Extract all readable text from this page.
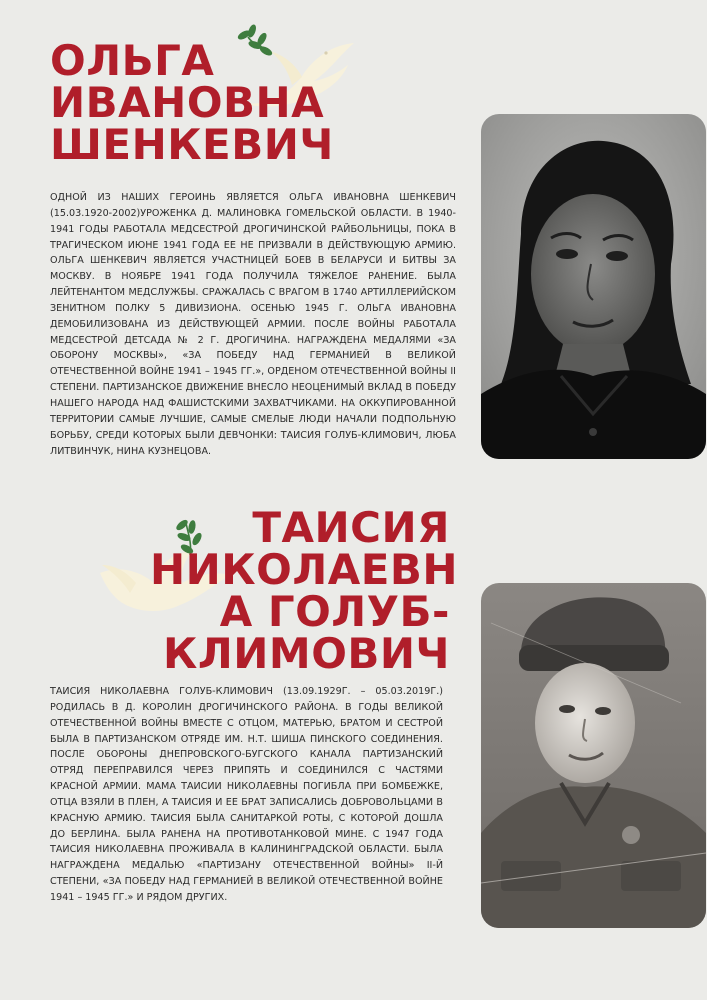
ОЛЬГА
ИВАНОВНА
ШЕНКЕВИЧ

ОДНОЙ ИЗ НАШИХ ГЕРОИНЬ ЯВЛЯЕТСЯ ОЛЬГА ИВАНОВНА ШЕНКЕВИЧ (15.03.1920-2002)УРОЖЕНКА Д. МАЛИНОВКА ГОМЕЛЬСКОЙ ОБЛАСТИ. В 1940-1941 ГОДЫ РАБОТАЛА МЕДСЕСТРОЙ ДРОГИЧИНСКОЙ РАЙБОЛЬНИЦЫ, ПОКА В ТРАГИЧЕСКОМ ИЮНЕ 1941 ГОДА ЕЕ НЕ ПРИЗВАЛИ В ДЕЙСТВУЮЩУЮ АРМИЮ. ОЛЬГА ШЕНКЕВИЧ ЯВЛЯЕТСЯ УЧАСТНИЦЕЙ БОЕВ В БЕЛАРУСИ И БИТВЫ ЗА МОСКВУ. В НОЯБРЕ 1941 ГОДА ПОЛУЧИЛА ТЯЖЕЛОЕ РАНЕНИЕ. БЫЛА ЛЕЙТЕНАНТОМ МЕДСЛУЖБЫ. СРАЖАЛАСЬ С ВРАГОМ В 1740 АРТИЛЛЕРИЙСКОМ ЗЕНИТНОМ ПОЛКУ 5 ДИВИЗИОНА. ОСЕНЬЮ 1945 Г. ОЛЬГА ИВАНОВНА ДЕМОБИЛИЗОВАНА ИЗ ДЕЙСТВУЮЩЕЙ АРМИИ. ПОСЛЕ ВОЙНЫ РАБОТАЛА МЕДСЕСТРОЙ ДЕТСАДА № 2 Г. ДРОГИЧИНА. НАГРАЖДЕНА МЕДАЛЯМИ «ЗА ОБОРОНУ МОСКВЫ», «ЗА ПОБЕДУ НАД ГЕРМАНИЕЙ В ВЕЛИКОЙ ОТЕЧЕСТВЕННОЙ ВОЙНЕ 1941 – 1945 ГГ.», ОРДЕНОМ ОТЕЧЕСТВЕННОЙ ВОЙНЫ II СТЕПЕНИ. ПАРТИЗАНСКОЕ ДВИЖЕНИЕ ВНЕСЛО НЕОЦЕНИМЫЙ ВКЛАД В ПОБЕДУ НАШЕГО НАРОДА НАД ФАШИСТСКИМИ ЗАХВАТЧИКАМИ. НА ОККУПИРОВАННОЙ ТЕРРИТОРИИ САМЫЕ ЛУЧШИЕ, САМЫЕ СМЕЛЫЕ ЛЮДИ НАЧАЛИ ПОДПОЛЬНУЮ БОРЬБУ, СРЕДИ КОТОРЫХ БЫЛИ ДЕВЧОНКИ: ТАИСИЯ ГОЛУБ-КЛИМОВИЧ, ЛЮБА ЛИТВИНЧУК, НИНА КУЗНЕЦОВА.

ТАИСИЯ
НИКОЛАЕВН
А ГОЛУБ-
КЛИМОВИЧ

ТАИСИЯ НИКОЛАЕВНА ГОЛУБ-КЛИМОВИЧ (13.09.1929Г. – 05.03.2019Г.) РОДИЛАСЬ В Д. КОРОЛИН ДРОГИЧИНСКОГО РАЙОНА. В ГОДЫ ВЕЛИКОЙ ОТЕЧЕСТВЕННОЙ ВОЙНЫ ВМЕСТЕ С ОТЦОМ, МАТЕРЬЮ, БРАТОМ И СЕСТРОЙ БЫЛА В ПАРТИЗАНСКОМ ОТРЯДЕ ИМ. Н.Т. ШИША ПИНСКОГО СОЕДИНЕНИЯ. ПОСЛЕ ОБОРОНЫ ДНЕПРОВСКОГО-БУГСКОГО КАНАЛА ПАРТИЗАНСКИЙ ОТРЯД ПЕРЕПРАВИЛСЯ ЧЕРЕЗ ПРИПЯТЬ И СОЕДИНИЛСЯ С ЧАСТЯМИ КРАСНОЙ АРМИИ. МАМА ТАИСИИ НИКОЛАЕВНЫ ПОГИБЛА ПРИ БОМБЕЖКЕ, ОТЦА ВЗЯЛИ В ПЛЕН, А ТАИСИЯ И ЕЕ БРАТ ЗАПИСАЛИСЬ ДОБРОВОЛЬЦАМИ В КРАСНУЮ АРМИЮ. ТАИСИЯ БЫЛА САНИТАРКОЙ РОТЫ, С КОТОРОЙ ДОШЛА ДО БЕРЛИНА. БЫЛА РАНЕНА НА ПРОТИВОТАНКОВОЙ МИНЕ. С 1947 ГОДА ТАИСИЯ НИКОЛАЕВНА ПРОЖИВАЛА В КАЛИНИНГРАДСКОЙ ОБЛАСТИ. БЫЛА НАГРАЖДЕНА МЕДАЛЬЮ «ПАРТИЗАНУ ОТЕЧЕСТВЕННОЙ ВОЙНЫ» II-Й СТЕПЕНИ, «ЗА ПОБЕДУ НАД ГЕРМАНИЕЙ В ВЕЛИКОЙ ОТЕЧЕСТВЕННОЙ ВОЙНЕ 1941 – 1945 ГГ.» И РЯДОМ ДРУГИХ.
